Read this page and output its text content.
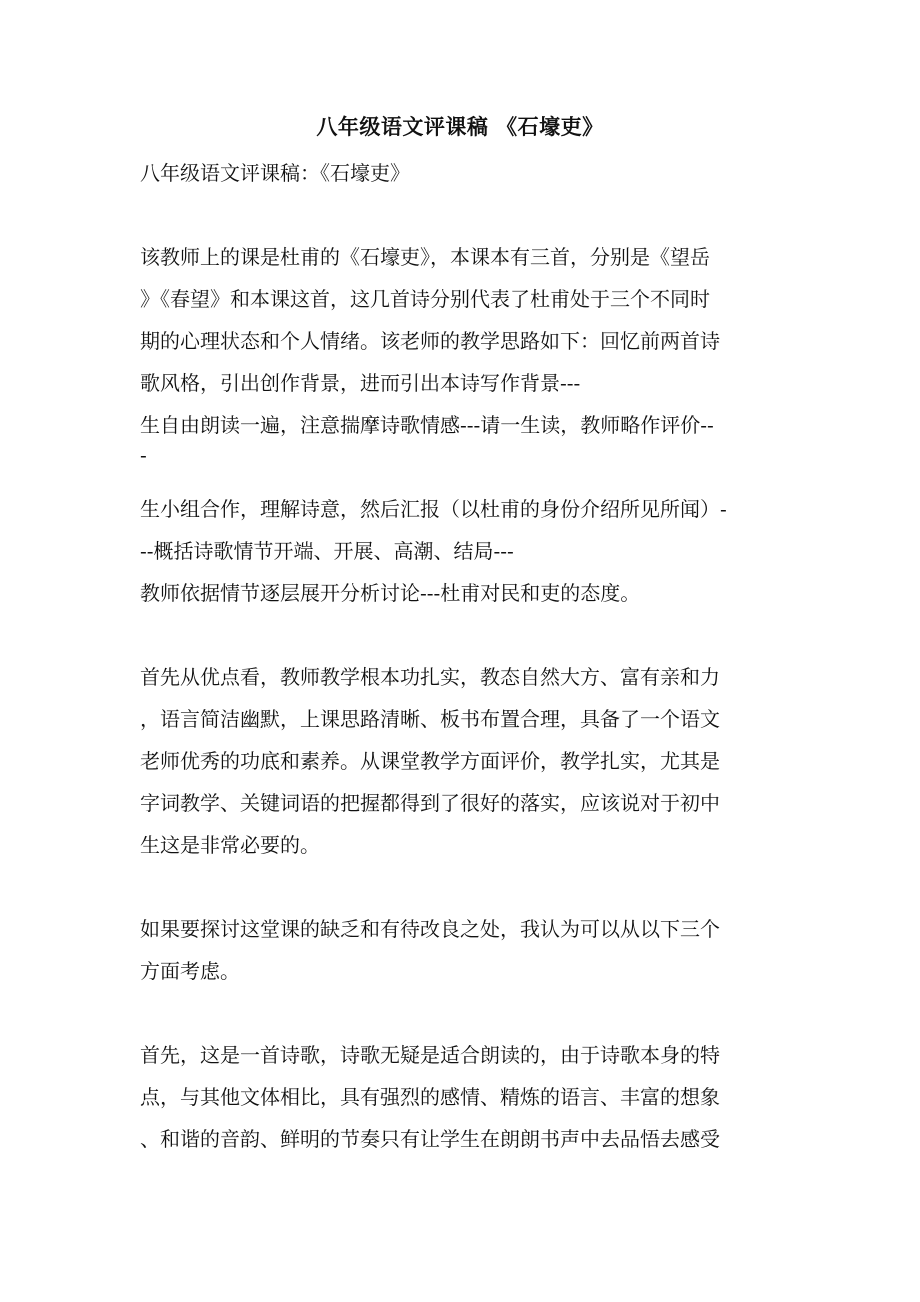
八年级语文评课稿 《石壕吏》
八年级语文评课稿：《石壕吏》
该教师上的课是杜甫的《石壕吏》，本课本有三首，分别是《望岳
》《春望》和本课这首，这几首诗分别代表了杜甫处于三个不同时
期的心理状态和个人情绪。该老师的教学思路如下：回忆前两首诗
歌风格，引出创作背景，进而引出本诗写作背景---
生自由朗读一遍，注意揣摩诗歌情感---请一生读，教师略作评价--
-
生小组合作，理解诗意，然后汇报（以杜甫的身份介绍所见所闻）-
--概括诗歌情节开端、开展、高潮、结局---
教师依据情节逐层展开分析讨论---杜甫对民和吏的态度。
首先从优点看，教师教学根本功扎实，教态自然大方、富有亲和力
，语言简洁幽默，上课思路清晰、板书布置合理，具备了一个语文
老师优秀的功底和素养。从课堂教学方面评价，教学扎实，尤其是
字词教学、关键词语的把握都得到了很好的落实，应该说对于初中
生这是非常必要的。
如果要探讨这堂课的缺乏和有待改良之处，我认为可以从以下三个
方面考虑。
首先，这是一首诗歌，诗歌无疑是适合朗读的，由于诗歌本身的特
点，与其他文体相比，具有强烈的感情、精炼的语言、丰富的想象
、和谐的音韵、鲜明的节奏只有让学生在朗朗书声中去品悟去感受
